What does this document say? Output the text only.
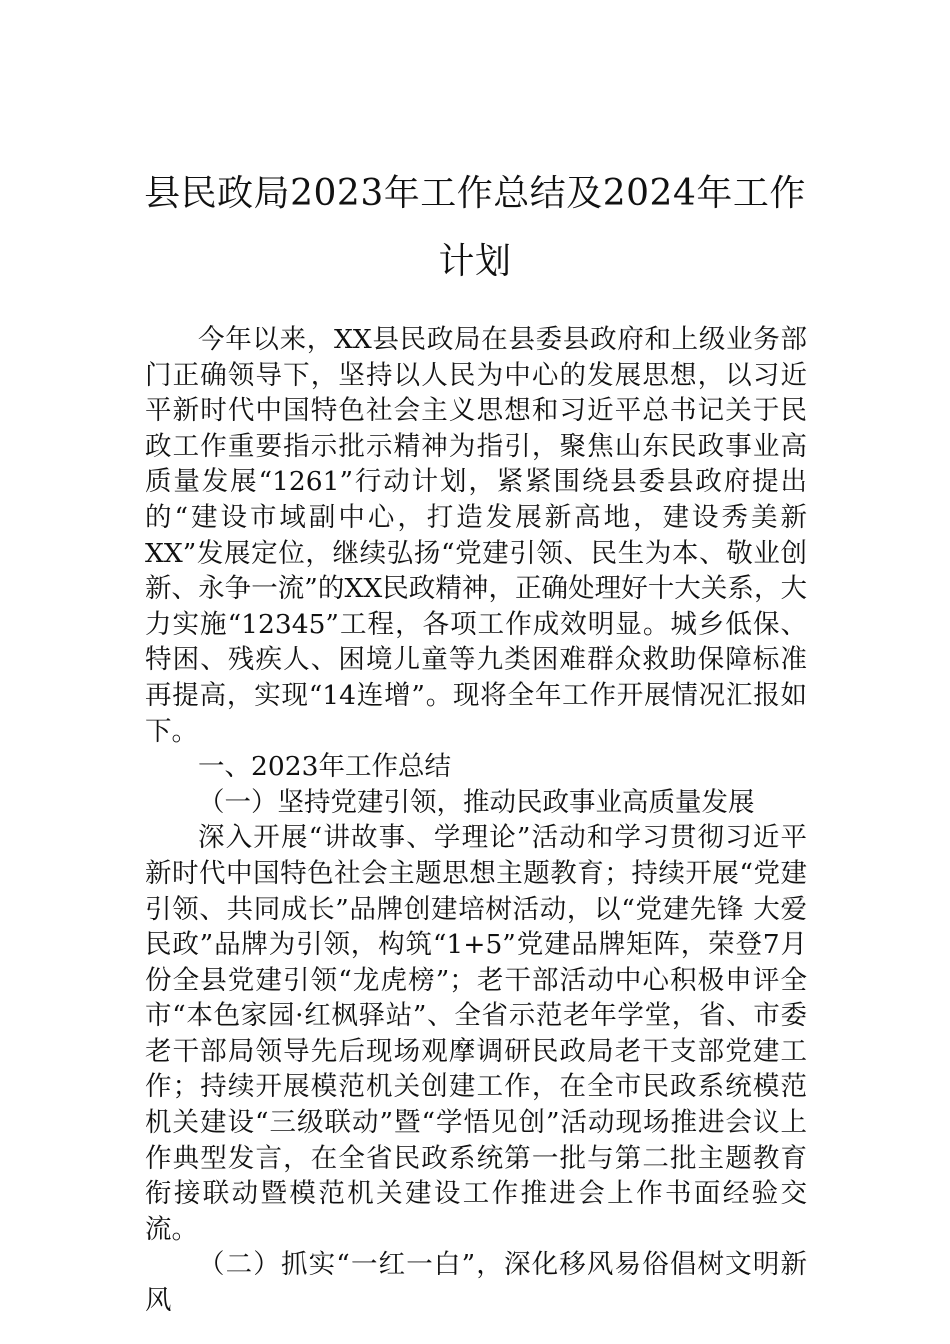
县民政局2023年工作总结及2024年工作计划

今年以来，XX县民政局在县委县政府和上级业务部门正确领导下，坚持以人民为中心的发展思想，以习近平新时代中国特色社会主义思想和习近平总书记关于民政工作重要指示批示精神为指引，聚焦山东民政事业高质量发展“1261”行动计划，紧紧围绕县委县政府提出的“建设市域副中心，打造发展新高地，建设秀美新XX”发展定位，继续弘扬“党建引领、民生为本、敬业创新、永争一流”的XX民政精神，正确处理好十大关系，大力实施“12345”工程，各项工作成效明显。城乡低保、特困、残疾人、困境儿童等九类困难群众救助保障标准再提高，实现“14连增”。现将全年工作开展情况汇报如下。

一、2023年工作总结

（一）坚持党建引领，推动民政事业高质量发展

深入开展“讲故事、学理论”活动和学习贯彻习近平新时代中国特色社会主题思想主题教育；持续开展“党建引领、共同成长”品牌创建培树活动，以“党建先锋 大爱民政”品牌为引领，构筑“1+5”党建品牌矩阵，荣登7月份全县党建引领“龙虎榜”；老干部活动中心积极申评全市“本色家园·红枫驿站”、全省示范老年学堂，省、市委老干部局领导先后现场观摩调研民政局老干支部党建工作；持续开展模范机关创建工作，在全市民政系统模范机关建设“三级联动”暨“学悟见创”活动现场推进会议上作典型发言，在全省民政系统第一批与第二批主题教育衔接联动暨模范机关建设工作推进会上作书面经验交流。

（二）抓实“一红一白”，深化移风易俗倡树文明新风
